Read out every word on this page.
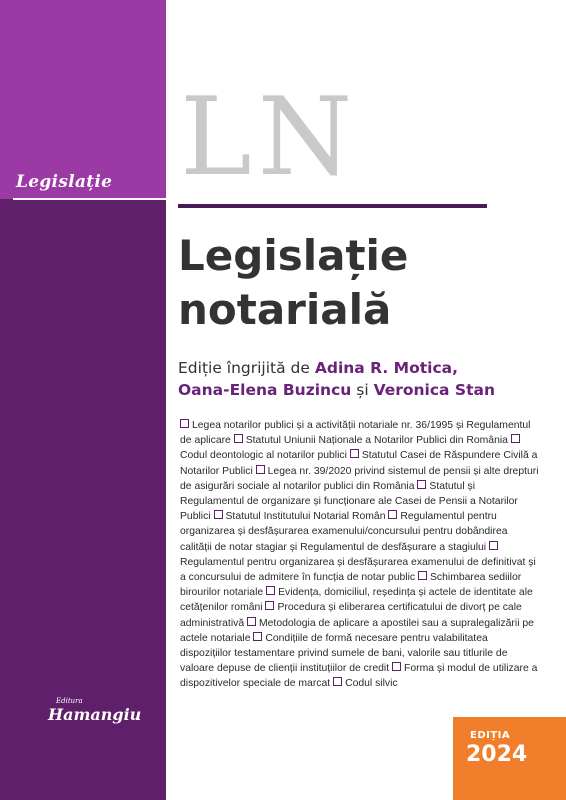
Legislație LN
Legislație
notarială
Ediție îngrijită de Adina R. Motica,
Oana-Elena Buzincu și Veronica Stan
Legea notarilor publici și a activității notariale nr. 36/1995 și Regulamentul de aplicare Statutul Uniunii Naționale a Notarilor Publici din România Codul deontologic al notarilor publici Statutul Casei de Răspundere Civilă a Notarilor Publici Legea nr. 39/2020 privind sistemul de pensii și alte drepturi de asigurări sociale al notarilor publici din România Statutul și Regulamentul de organizare și funcționare ale Casei de Pensii a Notarilor Publici Statutul Institutului Notarial Român Regulamentul pentru organizarea și desfășurarea examenului/concursului pentru dobândirea calității de notar stagiar și Regulamentul de desfășurare a stagiului Regulamentul pentru organizarea și desfășurarea examenului de definitivat și a concursului de admitere în funcția de notar public Schimbarea sediilor birourilor notariale Evidența, domiciliul, reședința și actele de identitate ale cetățenilor români Procedura și eliberarea certificatului de divorț pe cale administrativă Metodologia de aplicare a apostilei sau a supralegalizării pe actele notariale Condițiile de formă necesare pentru valabilitatea dispozițiilor testamentare privind sumele de bani, valorile sau titlurile de valoare depuse de clienții instituțiilor de credit Forma și modul de utilizare a dispozitivelor speciale de marcat Codul silvic
Editura
Hamangiu
EDIȚIA
2024
